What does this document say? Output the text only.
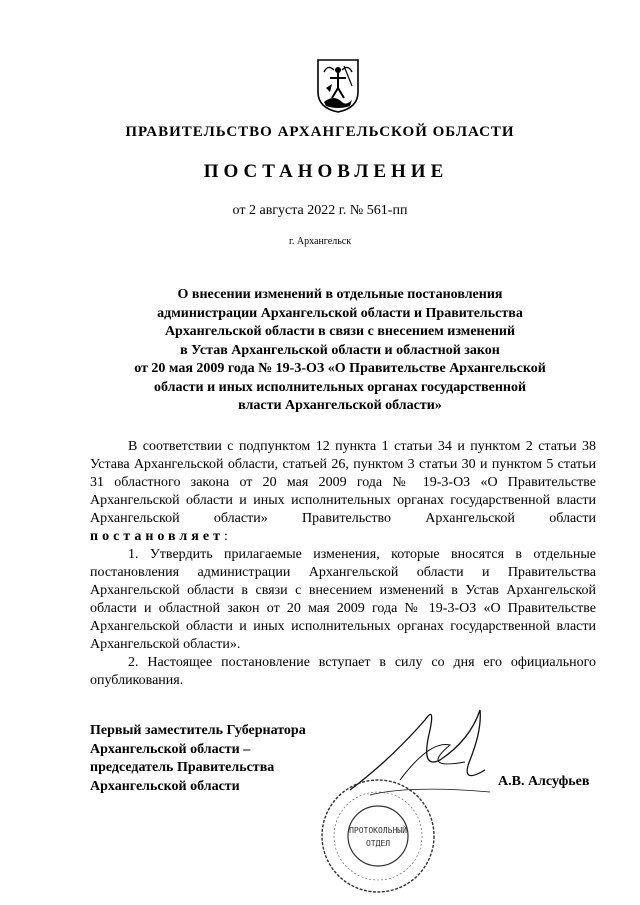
ПРАВИТЕЛЬСТВО АРХАНГЕЛЬСКОЙ ОБЛАСТИ
ПОСТАНОВЛЕНИЕ
от 2 августа 2022 г. № 561-пп
г. Архангельск
О внесении изменений в отдельные постановления
администрации Архангельской области и Правительства
Архангельской области в связи с внесением изменений
в Устав Архангельской области и областной закон
от 20 мая 2009 года № 19-3-ОЗ «О Правительстве Архангельской
области и иных исполнительных органах государственной
власти Архангельской области»

В соответствии с подпунктом 12 пункта 1 статьи 34 и пунктом 2 статьи 38 Устава Архангельской области, статьей 26, пунктом 3 статьи 30 и пунктом 5 статьи 31 областного закона от 20 мая 2009 года № 19-3-ОЗ «О Правительстве Архангельской области и иных исполнительных органах государственной власти Архангельской области» Правительство Архангельской области постановляет:

1. Утвердить прилагаемые изменения, которые вносятся в отдельные постановления администрации Архангельской области и Правительства Архангельской области в связи с внесением изменений в Устав Архангельской области и областной закон от 20 мая 2009 года № 19-3-ОЗ «О Правительстве Архангельской области и иных исполнительных органах государственной власти Архангельской области».

2. Настоящее постановление вступает в силу со дня его официального опубликования.

ПРОТОКОЛЬНЫЙ
ОТДЕЛ
Первый заместитель Губернатора
Архангельской области –
председатель Правительства
Архангельской области	А.В. Алсуфьев
